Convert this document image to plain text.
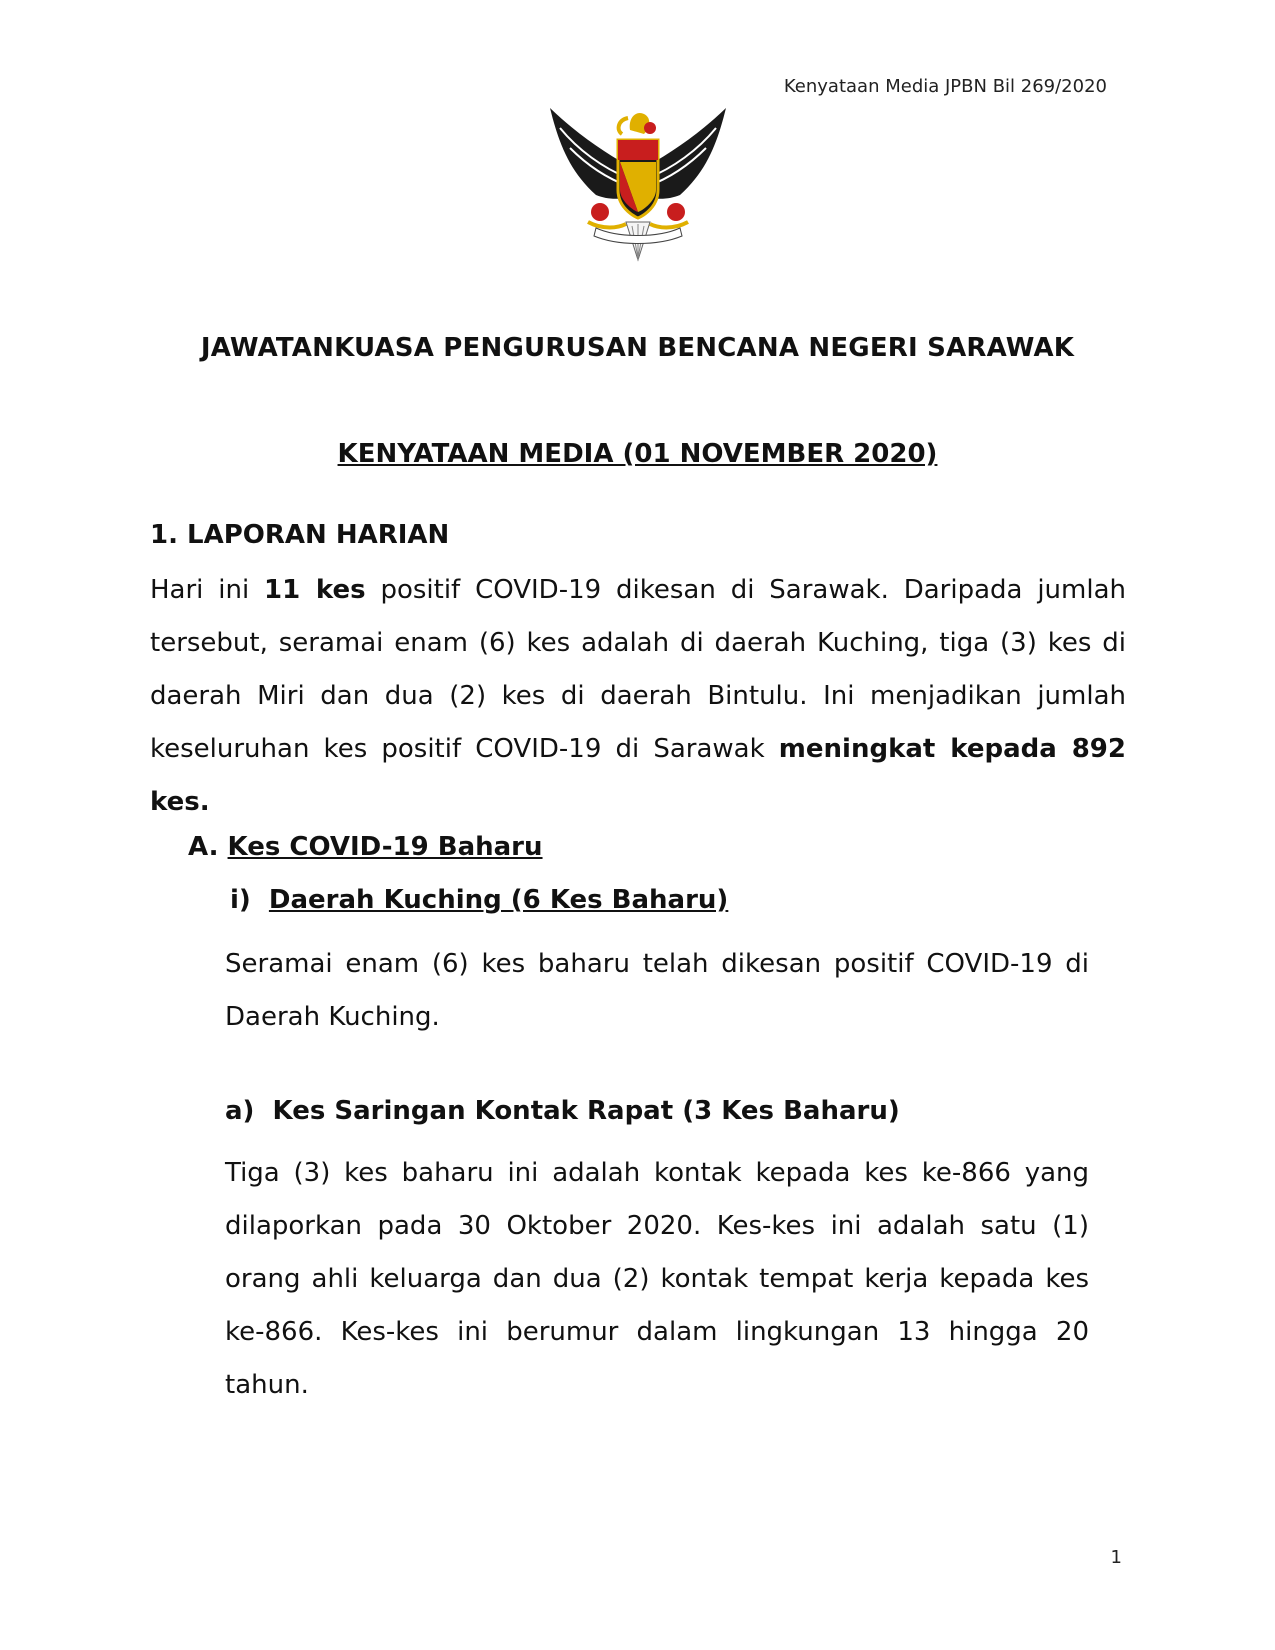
Kenyataan Media JPBN Bil 269/2020
JAWATANKUASA PENGURUSAN BENCANA NEGERI SARAWAK
KENYATAAN MEDIA (01 NOVEMBER 2020)
1. LAPORAN HARIAN

Hari ini 11 kes positif COVID-19 dikesan di Sarawak. Daripada jumlah tersebut, seramai enam (6) kes adalah di daerah Kuching, tiga (3) kes di daerah Miri dan dua (2) kes di daerah Bintulu. Ini menjadikan jumlah keseluruhan kes positif COVID-19 di Sarawak meningkat kepada 892 kes.

A. Kes COVID-19 Baharu
i) Daerah Kuching (6 Kes Baharu)

Seramai enam (6) kes baharu telah dikesan positif COVID-19 di Daerah Kuching.

a) Kes Saringan Kontak Rapat (3 Kes Baharu)

Tiga (3) kes baharu ini adalah kontak kepada kes ke-866 yang dilaporkan pada 30 Oktober 2020. Kes-kes ini adalah satu (1) orang ahli keluarga dan dua (2) kontak tempat kerja kepada kes ke-866. Kes-kes ini berumur dalam lingkungan 13 hingga 20 tahun.

1
